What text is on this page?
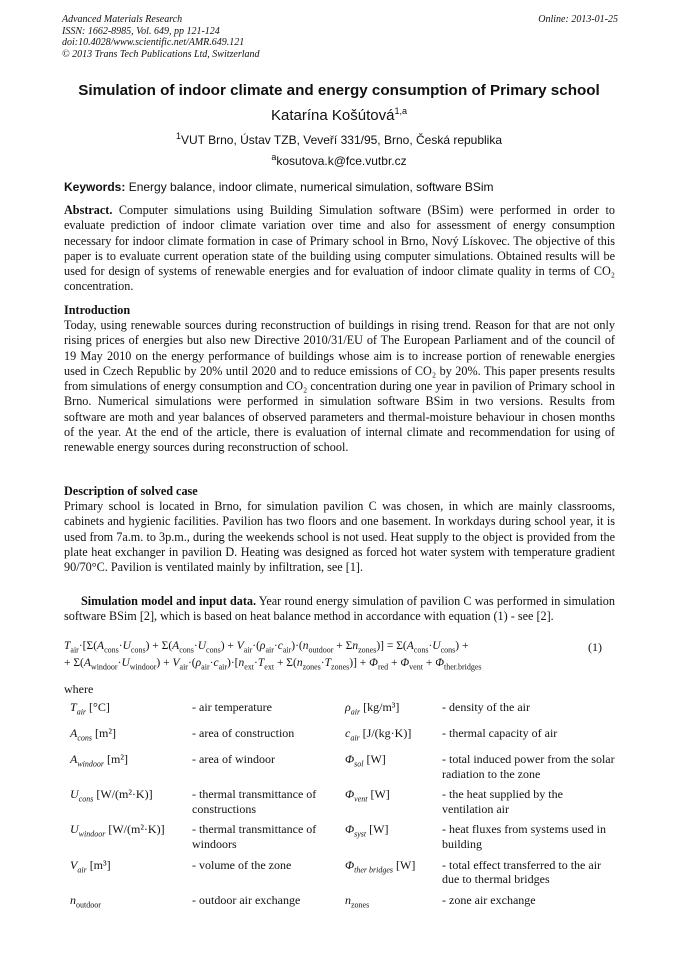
Advanced Materials Research
ISSN: 1662-8985, Vol. 649, pp 121-124
doi:10.4028/www.scientific.net/AMR.649.121
© 2013 Trans Tech Publications Ltd, Switzerland
Online: 2013-01-25
Simulation of indoor climate and energy consumption of Primary school
Katarína Košútová$^{1,a}$
$^1$VUT Brno, Ústav TZB, Veveří 331/95, Brno, Česká republika
$^a$kosutova.k@fce.vutbr.cz
Keywords: Energy balance, indoor climate, numerical simulation, software BSim
Abstract. Computer simulations using Building Simulation software (BSim) were performed in order to evaluate prediction of indoor climate variation over time and also for assessment of energy consumption necessary for indoor climate formation in case of Primary school in Brno, Nový Lískovec. The objective of this paper is to evaluate current operation state of the building using computer simulations. Obtained results will be used for design of systems of renewable energies and for evaluation of indoor climate quality in terms of CO₂ concentration.
Introduction
Today, using renewable sources during reconstruction of buildings in rising trend. Reason for that are not only rising prices of energies but also new Directive 2010/31/EU of The European Parliament and of the council of 19 May 2010 on the energy performance of buildings whose aim is to increase portion of renewable energies used in Czech Republic by 20% until 2020 and to reduce emissions of CO₂ by 20%. This paper presents results from simulations of energy consumption and CO₂ concentration during one year in pavilion of Primary school in Brno. Numerical simulations were performed in simulation software BSim in two versions. Results from software are moth and year balances of observed parameters and thermal-moisture behaviour in chosen months of the year. At the end of the article, there is evaluation of internal climate and recommendation for using of renewable energy sources during reconstruction of school.
Description of solved case
Primary school is located in Brno, for simulation pavilion C was chosen, in which are mainly classrooms, cabinets and hygienic facilities. Pavilion has two floors and one basement. In workdays during school year, it is used from 7a.m. to 3p.m., during the weekends school is not used. Heat supply to the object is provided from the plate heat exchanger in pavilion D. Heating was designed as forced hot water system with temperature gradient 90/70°C. Pavilion is ventilated mainly by infiltration, see [1].
Simulation model and input data. Year round energy simulation of pavilion C was performed in simulation software BSim [2], which is based on heat balance method in accordance with equation (1) - see [2].
$T_{air}\cdot[\Sigma(A_{cons}\cdot U_{cons}) + \Sigma(A_{cons}\cdot U_{cons}) + V_{air}\cdot(\rho_{air}\cdot c_{air})\cdot(n_{outdoor} + \Sigma n_{zones})] = \Sigma(A_{cons}\cdot U_{cons})$ +	(1)
+ $\Sigma(A_{windoor}\cdot U_{windoor}) + V_{air}\cdot(\rho_{air}\cdot c_{air})\cdot[n_{ext}\cdot T_{ext} + \Sigma(n_{zones}\cdot T_{zones})] + \Phi_{red} + \Phi_{vent} + \Phi_{ther.bridges}$
where
$T_{air}$ [°C]	- air temperature	$\rho_{air}$ [kg/m³]	- density of the air
$A_{cons}$ [m²]	- area of construction	$c_{air}$ [J/(kg·K)]	- thermal capacity of air
$A_{windoor}$ [m²]	- area of windoor	$\Phi_{sol}$ [W]	- total induced power from the solar radiation to the zone
$U_{cons}$ [W/(m²·K)]	- thermal transmittance of constructions	$\Phi_{vent}$ [W]	- the heat supplied by the ventilation air
$U_{windoor}$ [W/(m²·K)]	- thermal transmittance of windoors	$\Phi_{syst}$ [W]	- heat fluxes from systems used in building
$V_{air}$ [m³]	- volume of the zone	$\Phi_{ther bridges}$ [W]	- total effect transferred to the air due to thermal bridges
$n_{outdoor}$	- outdoor air exchange	$n_{zones}$	- zone air exchange
